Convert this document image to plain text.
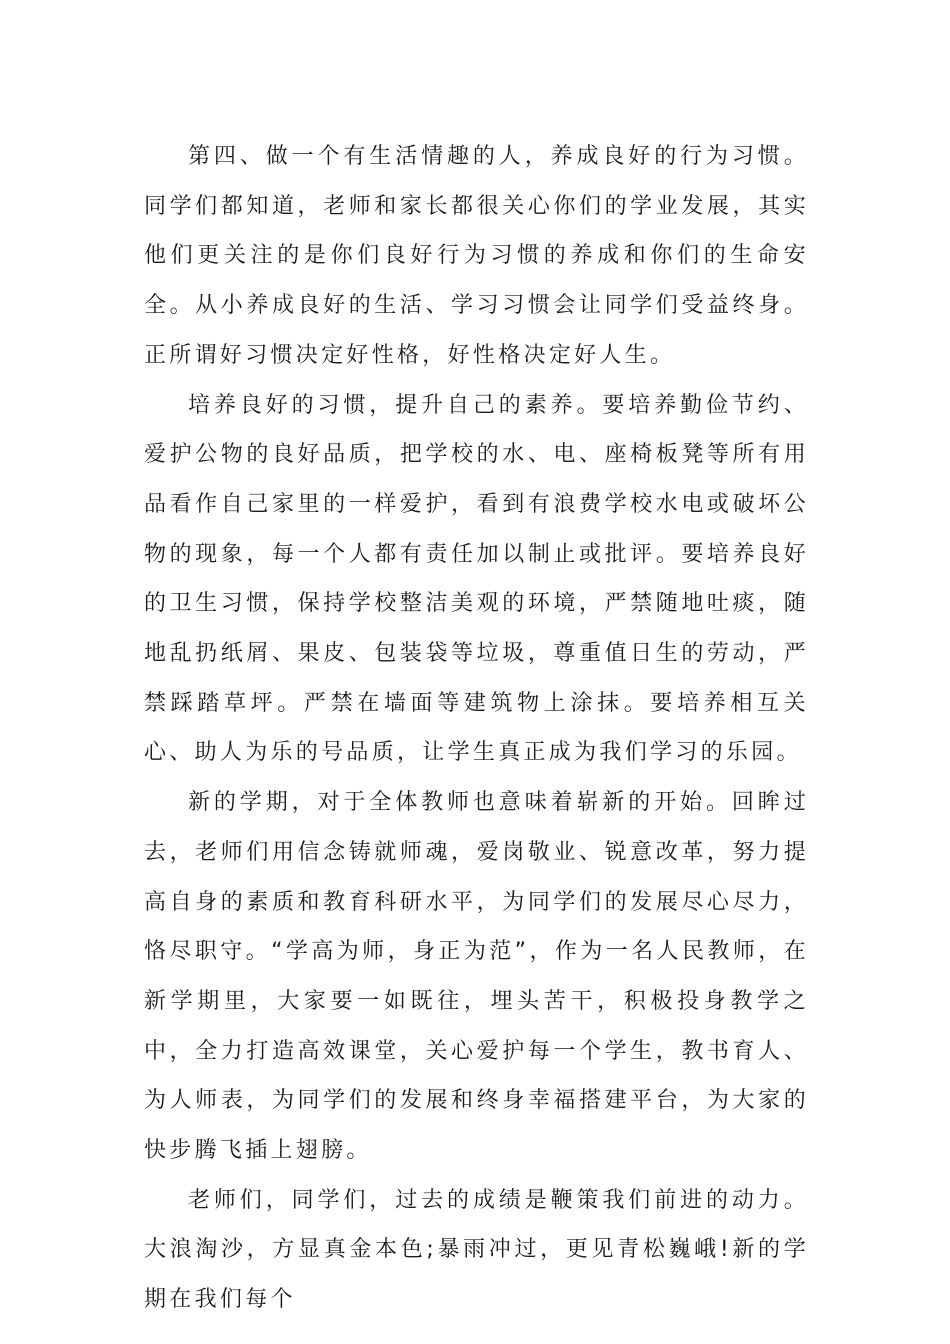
第四、做一个有生活情趣的人，养成良好的行为习惯。同学们都知道，老师和家长都很关心你们的学业发展，其实他们更关注的是你们良好行为习惯的养成和你们的生命安全。从小养成良好的生活、学习习惯会让同学们受益终身。正所谓好习惯决定好性格，好性格决定好人生。

培养良好的习惯，提升自己的素养。要培养勤俭节约、爱护公物的良好品质，把学校的水、电、座椅板凳等所有用品看作自己家里的一样爱护，看到有浪费学校水电或破坏公物的现象，每一个人都有责任加以制止或批评。要培养良好的卫生习惯，保持学校整洁美观的环境，严禁随地吐痰，随地乱扔纸屑、果皮、包装袋等垃圾，尊重值日生的劳动，严禁踩踏草坪。严禁在墙面等建筑物上涂抹。要培养相互关心、助人为乐的号品质，让学生真正成为我们学习的乐园。

新的学期，对于全体教师也意味着崭新的开始。回眸过去，老师们用信念铸就师魂，爱岗敬业、锐意改革，努力提高自身的素质和教育科研水平，为同学们的发展尽心尽力，恪尽职守。“学高为师，身正为范”，作为一名人民教师，在新学期里，大家要一如既往，埋头苦干，积极投身教学之中，全力打造高效课堂，关心爱护每一个学生，教书育人、为人师表，为同学们的发展和终身幸福搭建平台，为大家的快步腾飞插上翅膀。

老师们，同学们，过去的成绩是鞭策我们前进的动力。大浪淘沙，方显真金本色;暴雨冲过，更见青松巍峨!新的学期在我们每个
